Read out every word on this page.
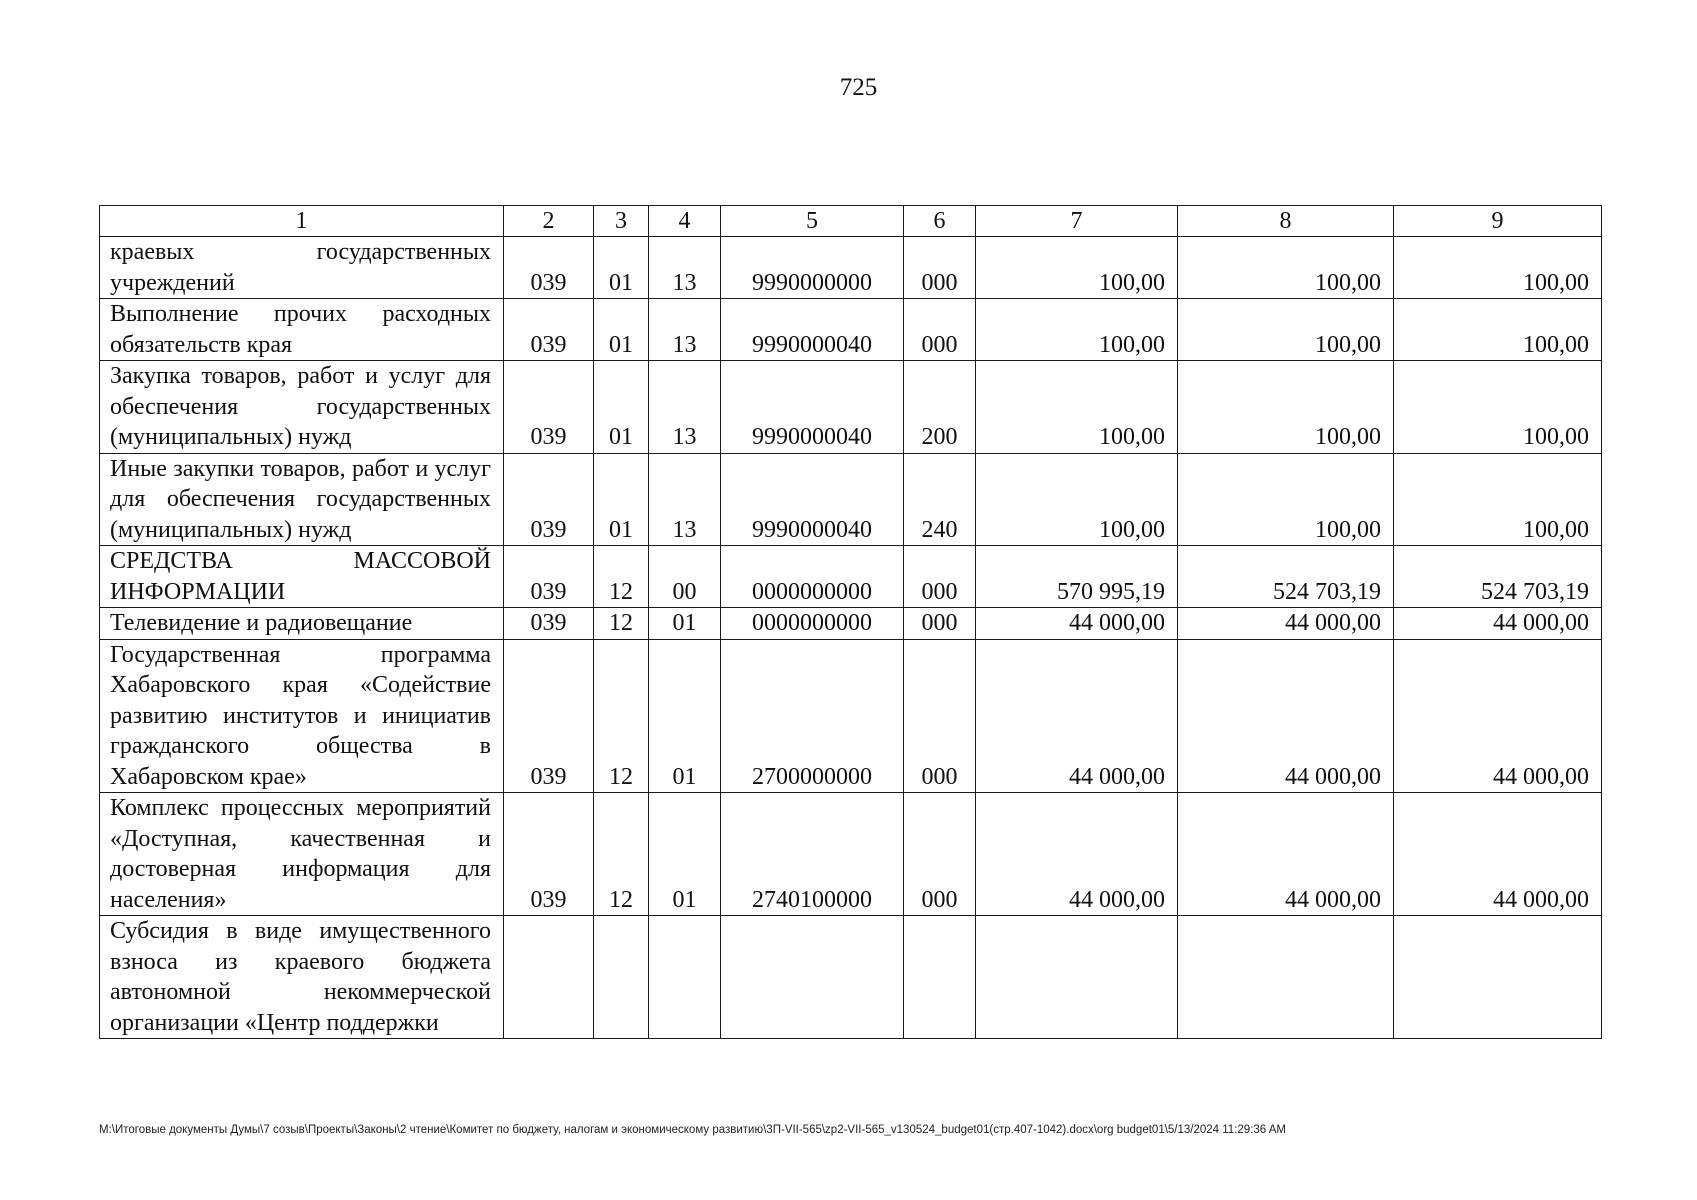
725
1	2	3	4	5	6	7	8	9
краевых государственных учреждений	039	01	13	9990000000	000	100,00	100,00	100,00
Выполнение прочих расходных обязательств края	039	01	13	9990000040	000	100,00	100,00	100,00
Закупка товаров, работ и услуг для обеспечения государственных (муниципальных) нужд	039	01	13	9990000040	200	100,00	100,00	100,00
Иные закупки товаров, работ и услуг для обеспечения государственных (муниципальных) нужд	039	01	13	9990000040	240	100,00	100,00	100,00
СРЕДСТВА МАССОВОЙ ИНФОРМАЦИИ	039	12	00	0000000000	000	570 995,19	524 703,19	524 703,19
Телевидение и радиовещание	039	12	01	0000000000	000	44 000,00	44 000,00	44 000,00
Государственная программа Хабаровского края «Содействие развитию институтов и инициатив гражданского общества в Хабаровском крае»	039	12	01	2700000000	000	44 000,00	44 000,00	44 000,00
Комплекс процессных мероприятий «Доступная, качественная и достоверная информация для населения»	039	12	01	2740100000	000	44 000,00	44 000,00	44 000,00
Субсидия в виде имущественного взноса из краевого бюджета автономной некоммерческой организации «Центр поддержки								
M:\Итоговые документы Думы\7 созыв\Проекты\Законы\2 чтение\Комитет по бюджету, налогам и экономическому развитию\3П-VII-565\zp2-VII-565_v130524_budget01(стр.407-1042).docx\org budget01\5/13/2024 11:29:36 AM
